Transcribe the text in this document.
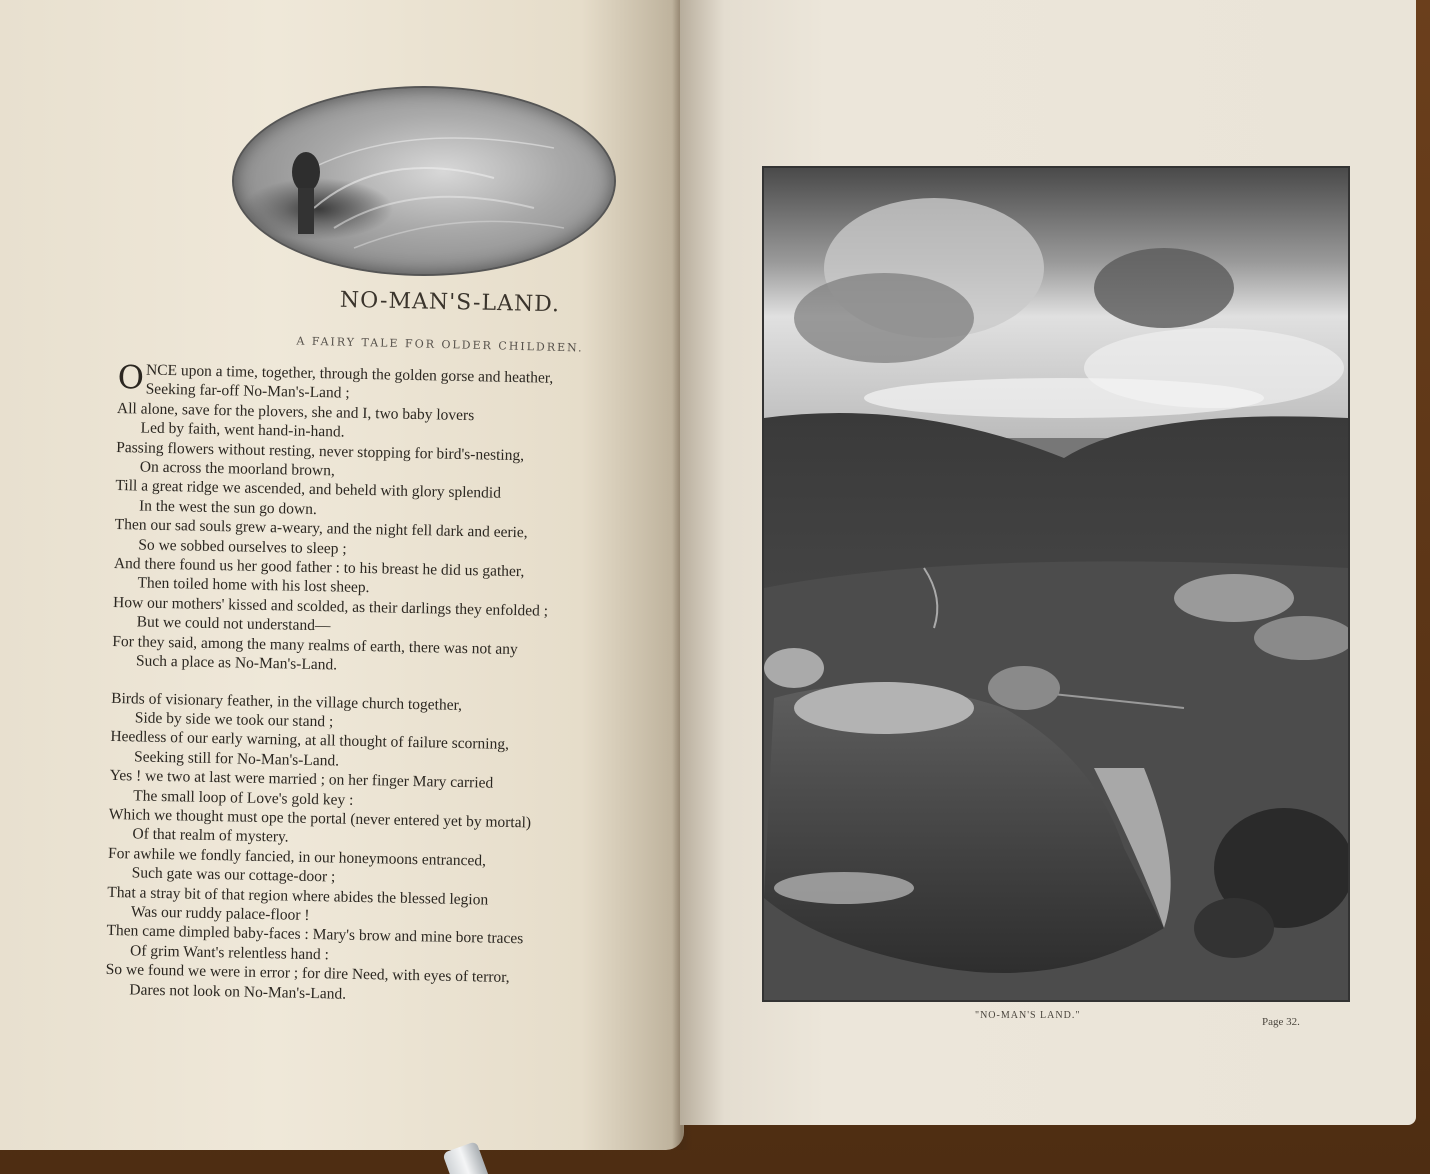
NO-MAN'S-LAND.
A FAIRY TALE FOR OLDER CHILDREN.
ONCE upon a time, together, through the golden gorse and heather,
Seeking far-off No-Man's-Land ;
All alone, save for the plovers, she and I, two baby lovers
Led by faith, went hand-in-hand.
Passing flowers without resting, never stopping for bird's-nesting,
On across the moorland brown,
Till a great ridge we ascended, and beheld with glory splendid
In the west the sun go down.
Then our sad souls grew a-weary, and the night fell dark and eerie,
So we sobbed ourselves to sleep ;
And there found us her good father : to his breast he did us gather,
Then toiled home with his lost sheep.
How our mothers' kissed and scolded, as their darlings they enfolded ;
But we could not understand—
For they said, among the many realms of earth, there was not any
Such a place as No-Man's-Land.
Birds of visionary feather, in the village church together,
Side by side we took our stand ;
Heedless of our early warning, at all thought of failure scorning,
Seeking still for No-Man's-Land.
Yes ! we two at last were married ; on her finger Mary carried
The small loop of Love's gold key :
Which we thought must ope the portal (never entered yet by mortal)
Of that realm of mystery.
For awhile we fondly fancied, in our honeymoons entranced,
Such gate was our cottage-door ;
That a stray bit of that region where abides the blessed legion
Was our ruddy palace-floor !
Then came dimpled baby-faces : Mary's brow and mine bore traces
Of grim Want's relentless hand :
So we found we were in error ; for dire Need, with eyes of terror,
Dares not look on No-Man's-Land.
"NO-MAN'S LAND."
Page 32.
